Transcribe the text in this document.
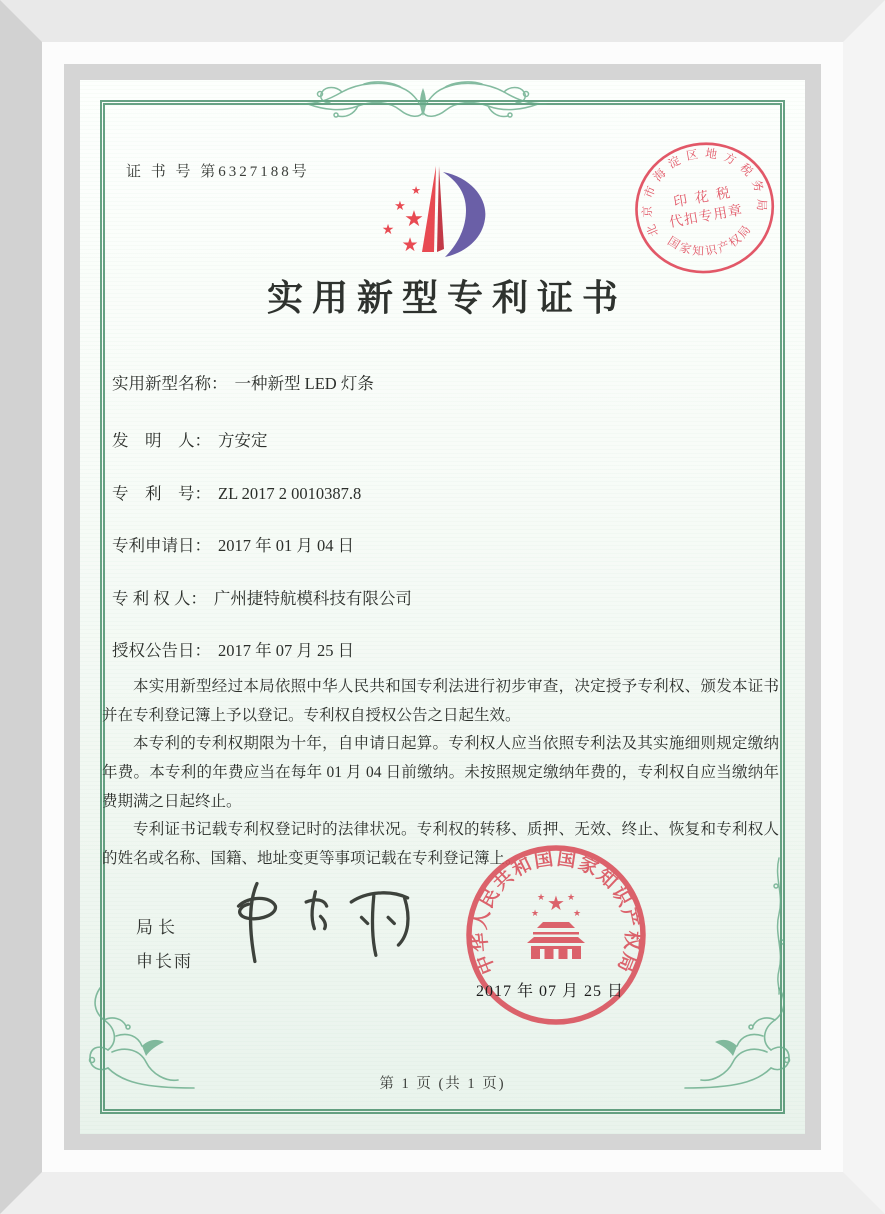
证 书 号 第6327188号
★
★
★
★
★
北京市海淀区地方税务局
国家知识产权局
印 花 税
代扣专用章
实用新型专利证书
实用新型名称： 一种新型 LED 灯条
发　明　人： 方安定
专　利　号： ZL 2017 2 0010387.8
专利申请日： 2017 年 01 月 04 日
专 利 权 人： 广州捷特航模科技有限公司
授权公告日： 2017 年 07 月 25 日

本实用新型经过本局依照中华人民共和国专利法进行初步审查，决定授予专利权、颁发本证书并在专利登记簿上予以登记。专利权自授权公告之日起生效。

本专利的专利权期限为十年，自申请日起算。专利权人应当依照专利法及其实施细则规定缴纳年费。本专利的年费应当在每年 01 月 04 日前缴纳。未按照规定缴纳年费的，专利权自应当缴纳年费期满之日起终止。

专利证书记载专利权登记时的法律状况。专利权的转移、质押、无效、终止、恢复和专利权人的姓名或名称、国籍、地址变更等事项记载在专利登记簿上。

局长
申长雨	中华人民共和国国家知识产权局
★
★	★
★ ★
2017 年 07 月 25 日
第 1 页 (共 1 页)
